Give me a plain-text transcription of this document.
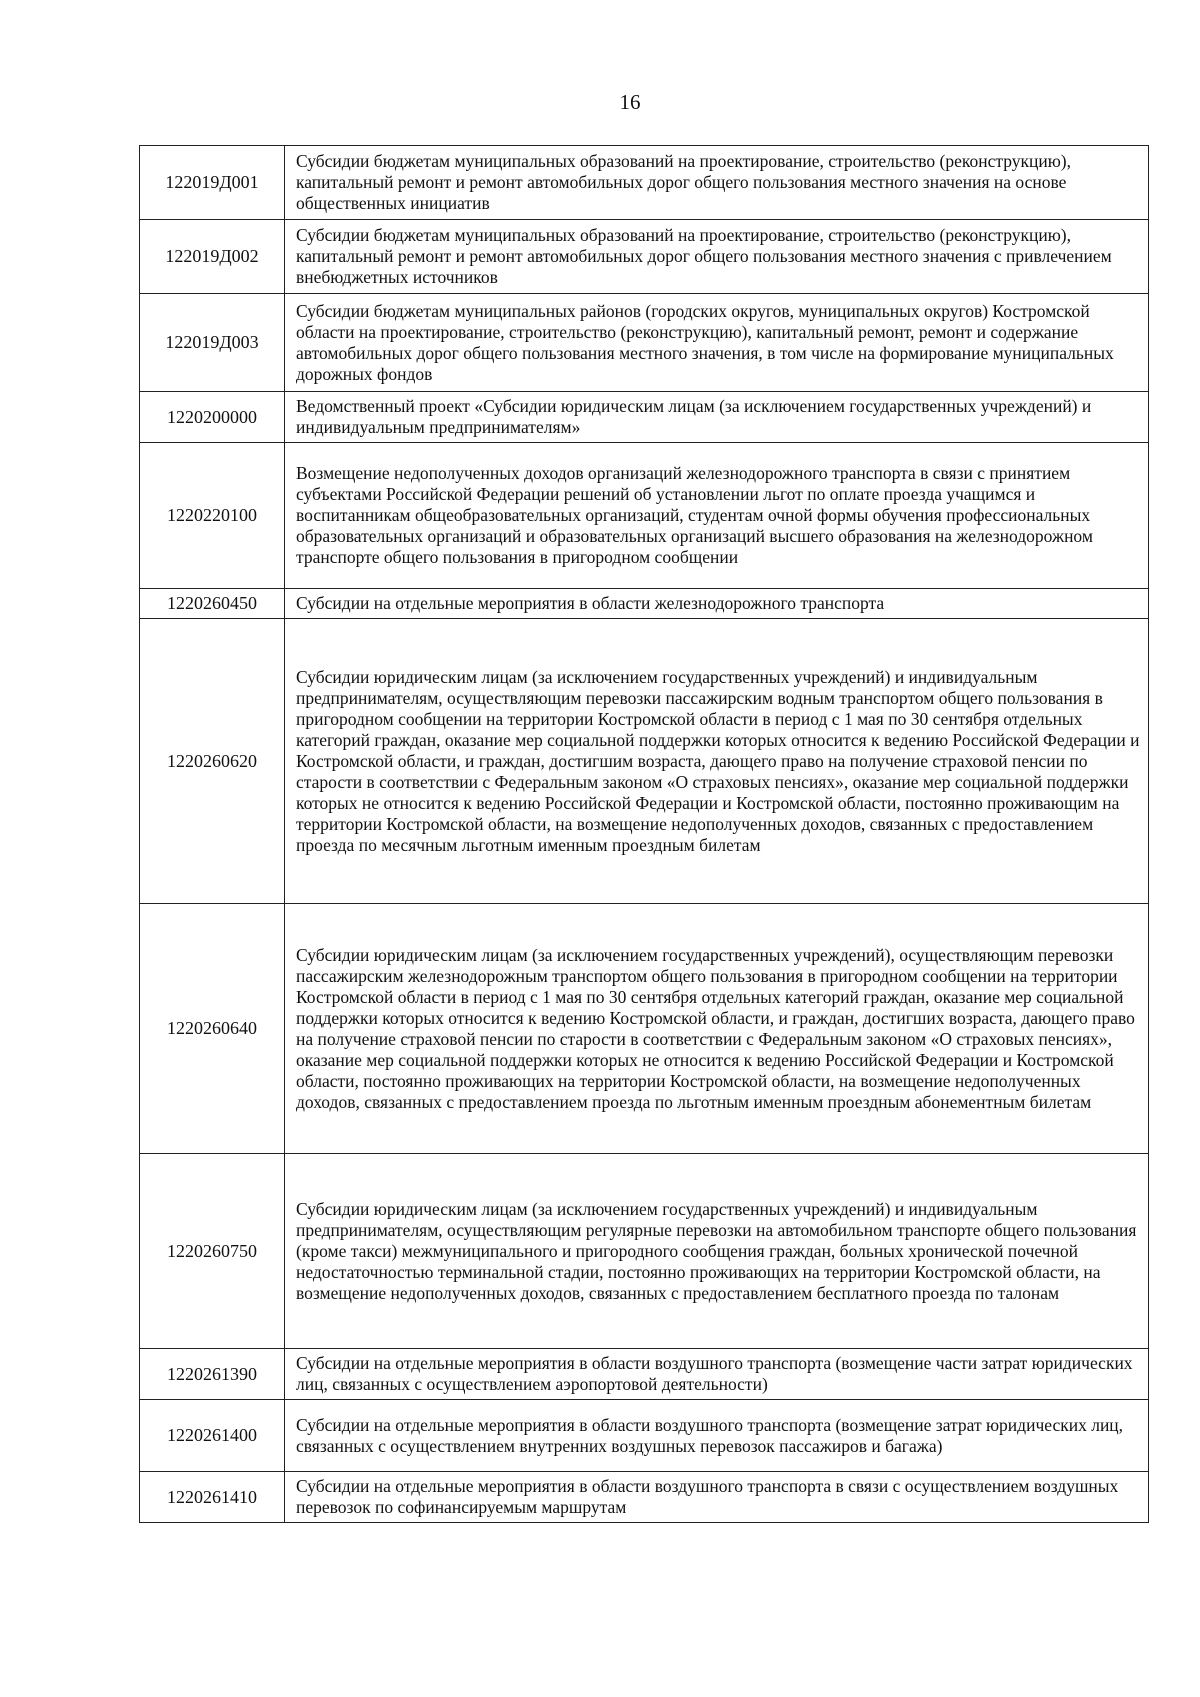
16
122019Д001	Субсидии бюджетам муниципальных образований на проектирование, строительство (реконструкцию), капитальный ремонт и ремонт автомобильных дорог общего пользования местного значения на основе общественных инициатив
122019Д002	Субсидии бюджетам муниципальных образований на проектирование, строительство (реконструкцию), капитальный ремонт и ремонт автомобильных дорог общего пользования местного значения с привлечением внебюджетных источников
122019Д003	Субсидии бюджетам муниципальных районов (городских округов, муниципальных округов) Костромской области на проектирование, строительство (реконструкцию), капитальный ремонт, ремонт и содержание автомобильных дорог общего пользования местного значения, в том числе на формирование муниципальных дорожных фондов
1220200000	Ведомственный проект «Субсидии юридическим лицам (за исключением государственных учреждений) и индивидуальным предпринимателям»
1220220100	Возмещение недополученных доходов организаций железнодорожного транспорта в связи с принятием субъектами Российской Федерации решений об установлении льгот по оплате проезда учащимся и воспитанникам общеобразовательных организаций, студентам очной формы обучения профессиональных образовательных организаций и образовательных организаций высшего образования на железнодорожном транспорте общего пользования в пригородном сообщении
1220260450	Субсидии на отдельные мероприятия в области железнодорожного транспорта
1220260620	Субсидии юридическим лицам (за исключением государственных учреждений) и индивидуальным предпринимателям, осуществляющим перевозки пассажирским водным транспортом общего пользования в пригородном сообщении на территории Костромской области в период с 1 мая по 30 сентября отдельных категорий граждан, оказание мер социальной поддержки которых относится к ведению Российской Федерации и Костромской области, и граждан, достигшим возраста, дающего право на получение страховой пенсии по старости в соответствии с Федеральным законом «О страховых пенсиях», оказание мер социальной поддержки которых не относится к ведению Российской Федерации и Костромской области, постоянно проживающим на территории Костромской области, на возмещение недополученных доходов, связанных с предоставлением проезда по месячным льготным именным проездным билетам
1220260640	Субсидии юридическим лицам (за исключением государственных учреждений), осуществляющим перевозки пассажирским железнодорожным транспортом общего пользования в пригородном сообщении на территории Костромской области в период с 1 мая по 30 сентября отдельных категорий граждан, оказание мер социальной поддержки которых относится к ведению Костромской области, и граждан, достигших возраста, дающего право на получение страховой пенсии по старости в соответствии с Федеральным законом «О страховых пенсиях», оказание мер социальной поддержки которых не относится к ведению Российской Федерации и Костромской области, постоянно проживающих на территории Костромской области, на возмещение недополученных доходов, связанных с предоставлением проезда по льготным именным проездным абонементным билетам
1220260750	Субсидии юридическим лицам (за исключением государственных учреждений) и индивидуальным предпринимателям, осуществляющим регулярные перевозки на автомобильном транспорте общего пользования (кроме такси) межмуниципального и пригородного сообщения граждан, больных хронической почечной недостаточностью терминальной стадии, постоянно проживающих на территории Костромской области, на возмещение недополученных доходов, связанных с предоставлением бесплатного проезда по талонам
1220261390	Субсидии на отдельные мероприятия в области воздушного транспорта (возмещение части затрат юридических лиц, связанных с осуществлением аэропортовой деятельности)
1220261400	Субсидии на отдельные мероприятия в области воздушного транспорта (возмещение затрат юридических лиц, связанных с осуществлением внутренних воздушных перевозок пассажиров и багажа)
1220261410	Субсидии на отдельные мероприятия в области воздушного транспорта в связи с осуществлением воздушных перевозок по софинансируемым маршрутам
